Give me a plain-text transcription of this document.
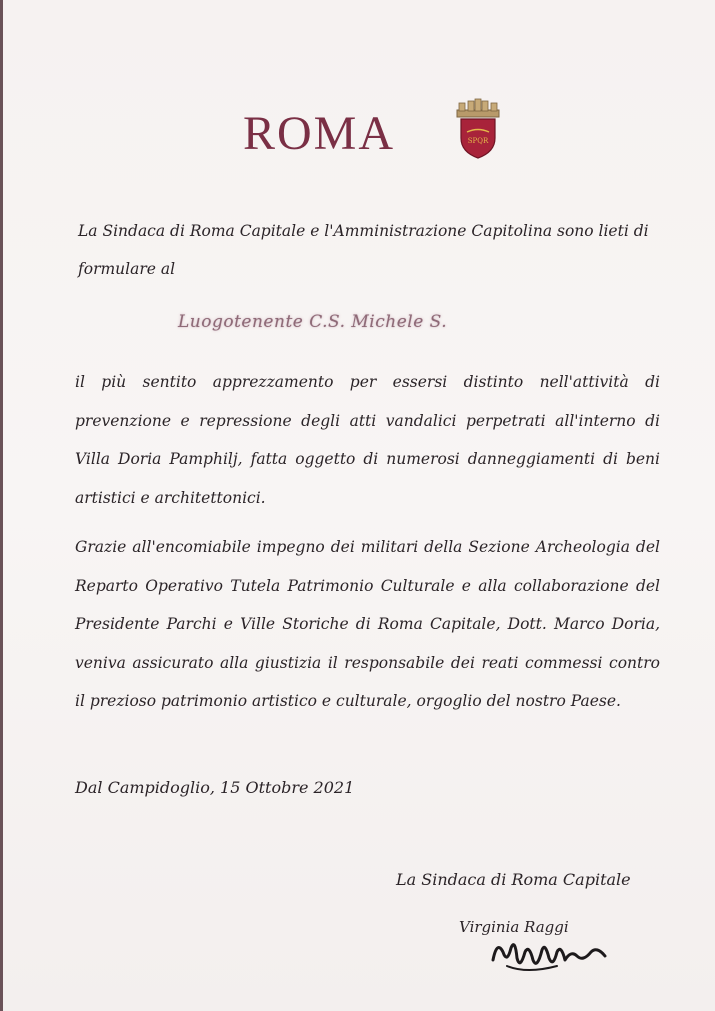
ROMA	SPQR
La Sindaca di Roma Capitale e l'Amministrazione Capitolina sono lieti di formulare al
Luogotenente C.S. Michele S.
il più sentito apprezzamento per essersi distinto nell'attività di prevenzione e repressione degli atti vandalici perpetrati all'interno di Villa Doria Pamphilj, fatta oggetto di numerosi danneggiamenti di beni artistici e architettonici.
Grazie all'encomiabile impegno dei militari della Sezione Archeologia del Reparto Operativo Tutela Patrimonio Culturale e alla collaborazione del Presidente Parchi e Ville Storiche di Roma Capitale, Dott. Marco Doria, veniva assicurato alla giustizia il responsabile dei reati commessi contro il prezioso patrimonio artistico e culturale, orgoglio del nostro Paese.
Dal Campidoglio, 15 Ottobre 2021
La Sindaca di Roma Capitale
Virginia Raggi
